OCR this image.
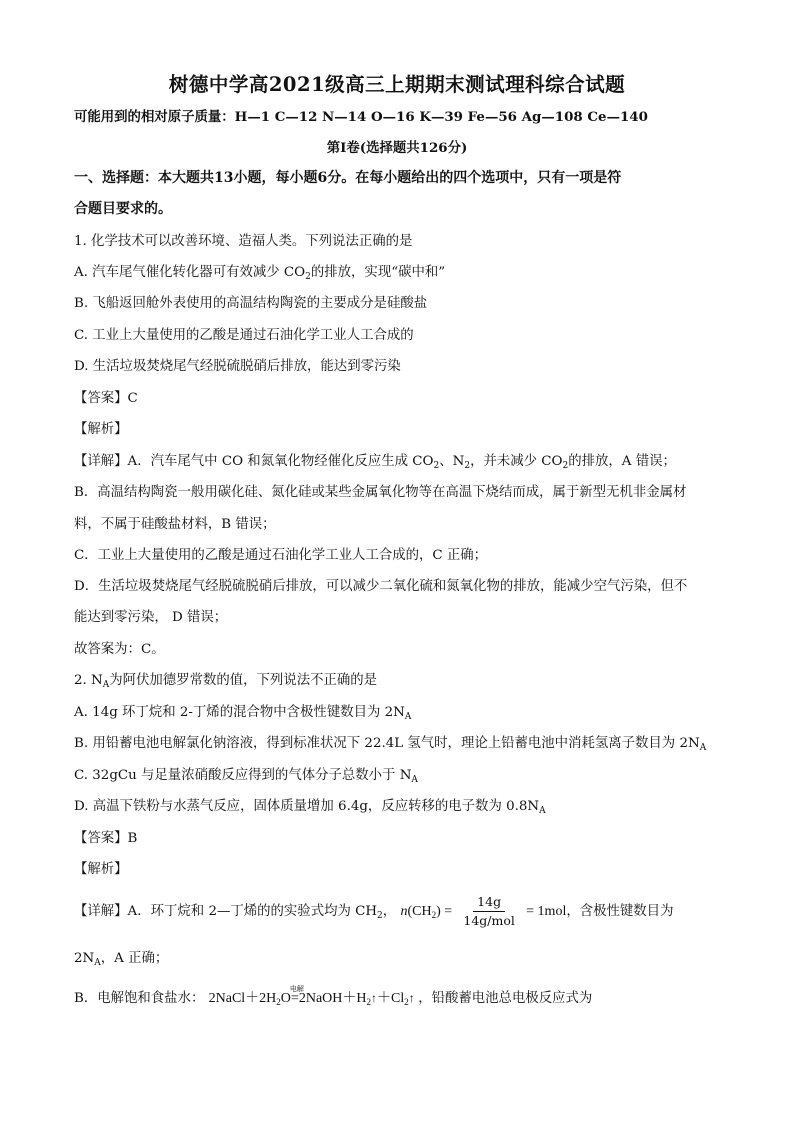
树德中学高2021级高三上期期末测试理科综合试题
可能用到的相对原子质量：H—1 C—12 N—14 O—16 K—39 Fe—56 Ag—108 Ce—140
第I卷(选择题共126分)
一、选择题：本大题共13小题，每小题6分。在每小题给出的四个选项中，只有一项是符
合题目要求的。
1. 化学技术可以改善环境、造福人类。下列说法正确的是
A. 汽车尾气催化转化器可有效减少 $CO_2$的排放，实现“碳中和”
B. 飞船返回舱外表使用的高温结构陶瓷的主要成分是硅酸盐
C. 工业上大量使用的乙酸是通过石油化学工业人工合成的
D. 生活垃圾焚烧尾气经脱硫脱硝后排放，能达到零污染
【答案】C
【解析】
【详解】A．汽车尾气中 CO 和氮氧化物经催化反应生成 $CO_2$、$N_2$，并未减少 $CO_2$的排放，A 错误；
B．高温结构陶瓷一般用碳化硅、氮化硅或某些金属氧化物等在高温下烧结而成，属于新型无机非金属材
料，不属于硅酸盐材料，B 错误；
C．工业上大量使用的乙酸是通过石油化学工业人工合成的，C 正确；
D．生活垃圾焚烧尾气经脱硫脱硝后排放，可以减少二氧化硫和氮氧化物的排放，能减少空气污染，但不
能达到零污染， D 错误；
故答案为：C。
2. $N_A$为阿伏加德罗常数的值，下列说法不正确的是
A. 14g 环丁烷和 2-丁烯的混合物中含极性键数目为 $2N_A$
B. 用铅蓄电池电解氯化钠溶液，得到标准状况下 22.4L 氢气时，理论上铅蓄电池中消耗氢离子数目为 $2N_A$
C. 32gCu 与足量浓硝酸反应得到的气体分子总数小于 $N_A$
D. 高温下铁粉与水蒸气反应，固体质量增加 6.4g，反应转移的电子数为 $0.8N_A$
【答案】B
【解析】
【详解】A．环丁烷和 2—丁烯的的实验式均为 $CH_2$， $n(CH_2) = \frac{14g}{\text{14g/mol}} = 1mol$，含极性键数目为
$2N_A$，A 正确；
B．电解饱和食盐水： $2NaCl+2H_2O=$
电解
$2NaOH+H_2↑+Cl_2↑$ ，铅酸蓄电池总电极反应式为
